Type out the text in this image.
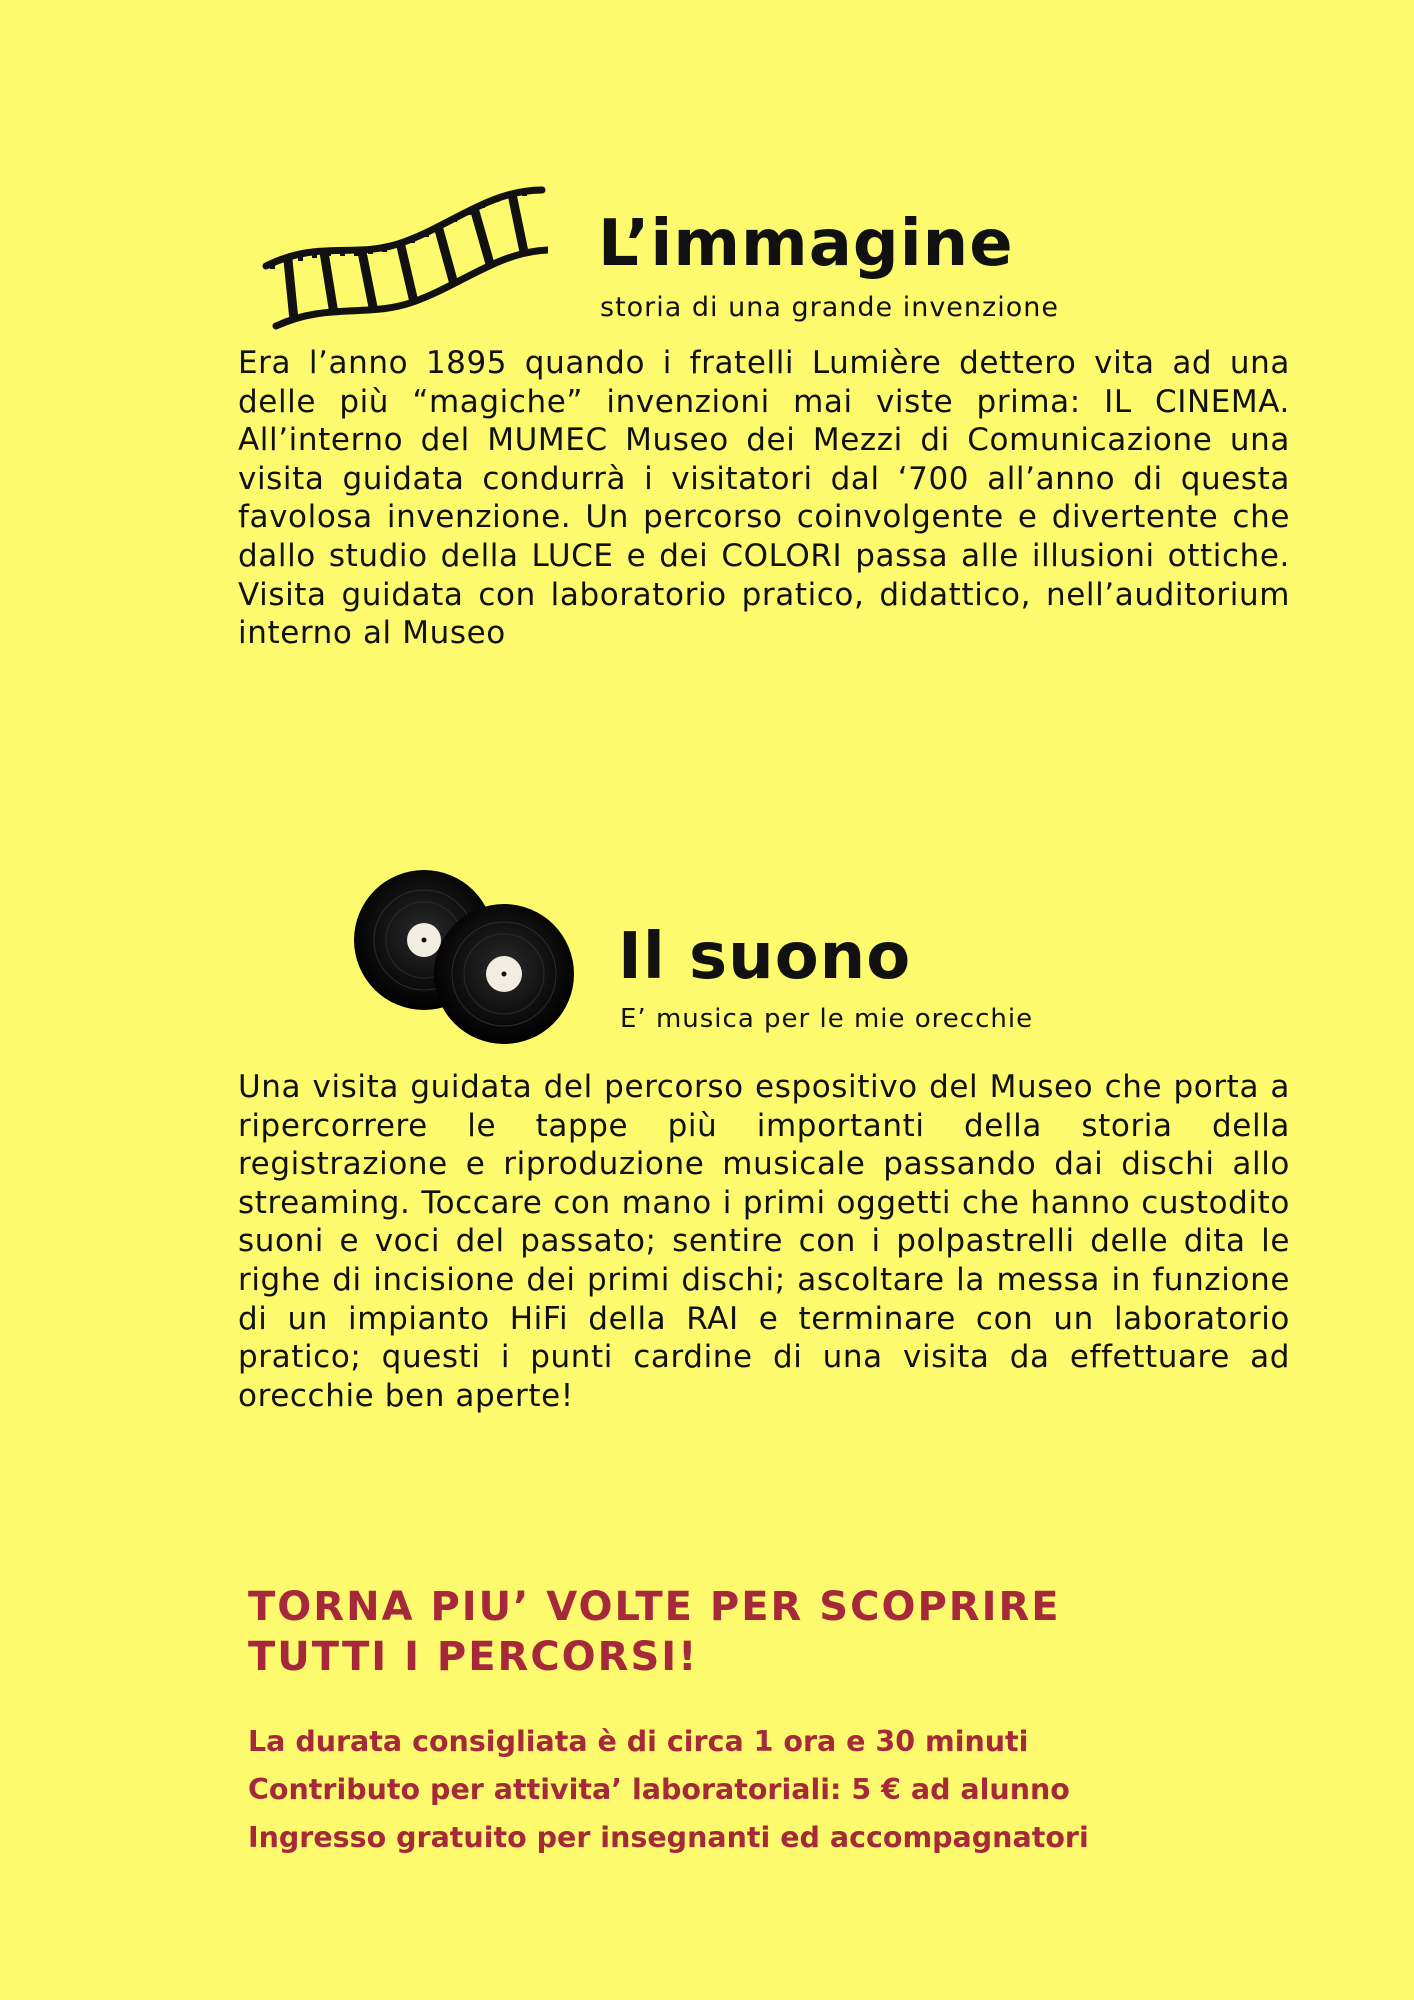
L’immagine

storia di una grande invenzione

Era l’anno 1895 quando i fratelli Lumière dettero vita ad una delle più “magiche” invenzioni mai viste prima: IL CINEMA. All’interno del MUMEC Museo dei Mezzi di Comunicazione una visita guidata condurrà i visitatori dal ‘700 all’anno di questa favolosa invenzione. Un percorso coinvolgente e divertente che dallo studio della LUCE e dei COLORI passa alle illusioni ottiche. Visita guidata con laboratorio pratico, didattico, nell’auditorium interno al Museo

Il suono

E’ musica per le mie orecchie

Una visita guidata del percorso espositivo del Museo che porta a ripercorrere le tappe più importanti della storia della registrazione e riproduzione musicale passando dai dischi allo streaming. Toccare con mano i primi oggetti che hanno custodito suoni e voci del passato; sentire con i polpastrelli delle dita le righe di incisione dei primi dischi; ascoltare la messa in funzione di un impianto HiFi della RAI e terminare con un laboratorio pratico; questi i punti cardine di una visita da effettuare ad orecchie ben aperte!

TORNA PIU’ VOLTE PER SCOPRIRE
TUTTI I PERCORSI!
La durata consigliata è di circa 1 ora e 30 minuti
Contributo per attivita’ laboratoriali: 5 € ad alunno
Ingresso gratuito per insegnanti ed accompagnatori
